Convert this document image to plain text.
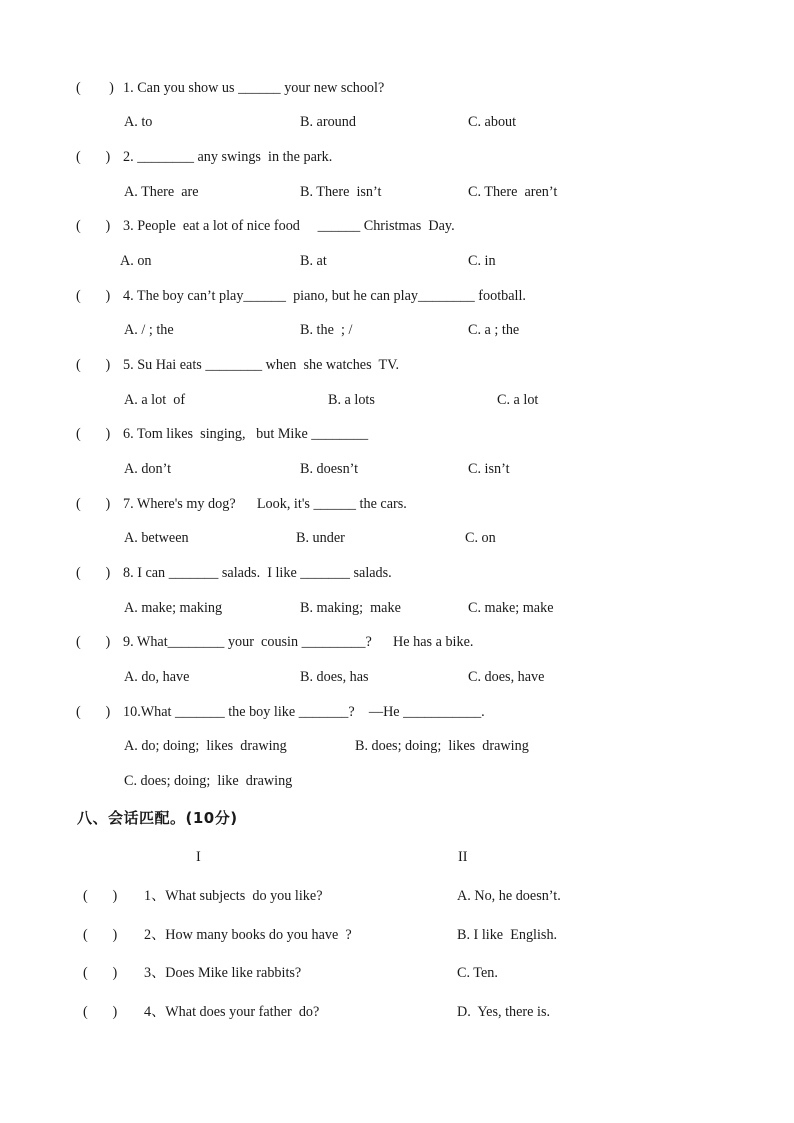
(        ) 1. Can you show us ______ your new school?
A. to	B. around	C. about
(       ) 2. ________ any swings  in the park.
A. There  are	B. There  isn’t	C. There  aren’t
(       ) 3. People  eat a lot of nice food     ______ Christmas  Day.
A. on	B. at	C. in
(       ) 4. The boy can’t play______  piano, but he can play________ football.
A. / ; the	B. the  ; /	C. a ; the
(       ) 5. Su Hai eats ________ when  she watches  TV.
A. a lot  of	B. a lots	C. a lot
(       ) 6. Tom likes  singing,   but Mike ________
A. don’t	B. doesn’t	C. isn’t
(       ) 7. Where's my dog?      Look, it's ______ the cars.
A. between	B. under	C. on
(       ) 8. I can _______ salads.  I like _______ salads.
A. make; making	B. making;  make	C. make; make
(       ) 9. What________ your  cousin _________?      He has a bike.
A. do, have	B. does, has	C. does, have
(       ) 10.What _______ the boy like _______?    —He ___________.
A. do; doing;  likes  drawing	B. does; doing;  likes  drawing
C. does; doing;  like  drawing
八、会话匹配。(10分)
I	II
(       ) 1、What subjects  do you like?	A. No, he doesn’t.
(       ) 2、How many books do you have  ?	B. I like  English.
(       ) 3、Does Mike like rabbits?	C. Ten.
(       ) 4、What does your father  do?	D.  Yes, there is.
